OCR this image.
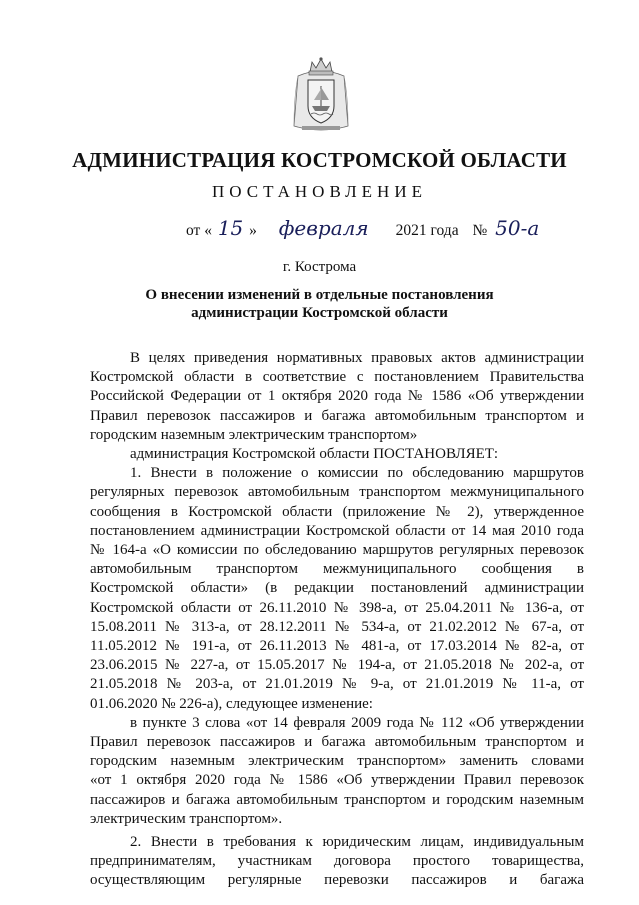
АДМИНИСТРАЦИЯ КОСТРОМСКОЙ ОБЛАСТИ
ПОСТАНОВЛЕНИЕ
от « 15 » февраля 2021 года № 50-а
г. Кострома
О внесении изменений в отдельные постановления
администрации Костромской области
В целях приведения нормативных правовых актов администрации
Костромской области в соответствие с постановлением Правительства
Российской Федерации от 1 октября 2020 года № 1586 «Об утверждении
Правил перевозок пассажиров и багажа автомобильным транспортом и
городским наземным электрическим транспортом»
администрация Костромской области ПОСТАНОВЛЯЕТ:
1. Внести в положение о комиссии по обследованию маршрутов
регулярных перевозок автомобильным транспортом межмуниципального
сообщения в Костромской области (приложение № 2), утвержденное
постановлением администрации Костромской области от 14 мая 2010 года
№ 164-а «О комиссии по обследованию маршрутов регулярных перевозок
автомобильным транспортом межмуниципального сообщения в
Костромской области» (в редакции постановлений администрации
Костромской области от 26.11.2010 № 398-а, от 25.04.2011 № 136-а, от
15.08.2011 № 313-а, от 28.12.2011 № 534-а, от 21.02.2012 № 67-а, от
11.05.2012 № 191-а, от 26.11.2013 № 481-а, от 17.03.2014 № 82-а, от
23.06.2015 № 227-а, от 15.05.2017 № 194-а, от 21.05.2018 № 202-а, от
21.05.2018 № 203-а, от 21.01.2019 № 9-а, от 21.01.2019 № 11-а, от
01.06.2020 № 226-а), следующее изменение:
в пункте 3 слова «от 14 февраля 2009 года № 112 «Об утверждении
Правил перевозок пассажиров и багажа автомобильным транспортом и
городским наземным электрическим транспортом» заменить словами
«от 1 октября 2020 года № 1586 «Об утверждении Правил перевозок
пассажиров и багажа автомобильным транспортом и городским наземным
электрическим транспортом».
2. Внести в требования к юридическим лицам, индивидуальным
предпринимателям, участникам договора простого товарищества,
осуществляющим регулярные перевозки пассажиров и багажа
